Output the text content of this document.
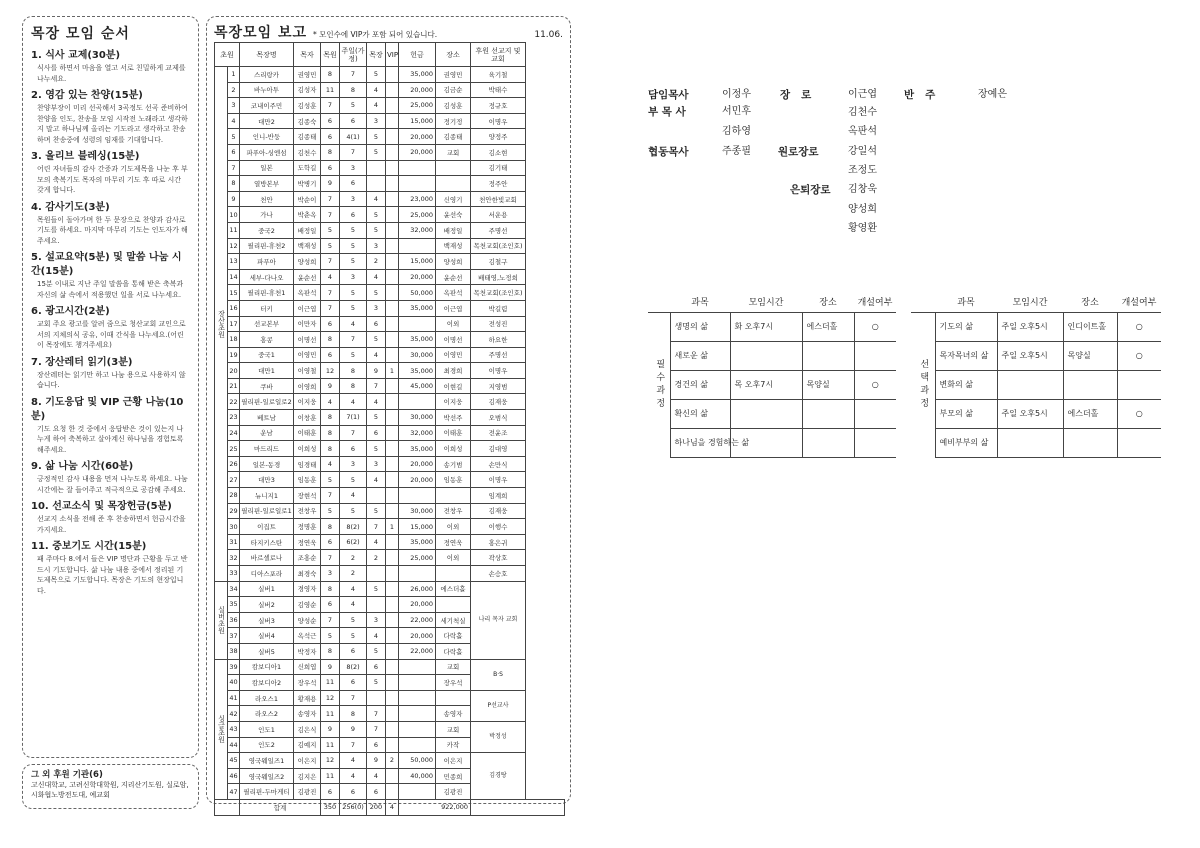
목장 모임 순서
1. 식사 교제(30분)
식사를 하면서 마음을 열고 서로 친밀하게 교제를 나누세요.
2. 영감 있는 찬양(15분)
찬양부장이 미리 선곡해서 3곡정도 선곡 준비하여 찬양을 인도, 찬송을 모임 시작전 노래라고 생각하지 말고 하나님께 올리는 기도라고 생각하고 찬송하며 찬송중에 성령의 임재를 기대합니다.
3. 올리브 블레싱(15분)
어린 자녀들의 감사 간증과 기도제목을 나눈 후 부모의 축복기도 목자의 마무리 기도 후 따로 시간 갖게 합니다.
4. 감사기도(3분)
목원들이 돌아가며 한 두 문장으로 찬양과 감사로 기도를 하세요. 마지막 마무리 기도는 인도자가 해주세요.
5. 설교요약(5분) 및 말씀 나눔 시간(15분)
15분 이내로 지난 주일 말씀을 통해 받은 축복과 자신의 삶 속에서 적용했던 일을 서로 나누세요.
6. 광고시간(2분)
교회 주요 광고를 알려 줌으로 청산교회 교인으로서의 지체의식 공유, 이때 간식을 나누세요.(어린이 목장에도 챙겨주세요)
7. 장산레터 읽기(3분)
장산레터는 읽기만 하고 나눔 용으로 사용하지 않습니다.
8. 기도응답 및 VIP 근황 나눔(10분)
기도 요청 한 것 중에서 응답받은 것이 있는지 나누게 하여 축복하고 살아계신 하나님을 경험토록 해주세요.
9. 삶 나눔 시간(60분)
긍정적인 감사 내용을 먼저 나누도록 하세요. 나눔 시간에는 잘 들어주고 적극적으로 공감해 주세요.
10. 선교소식 및 목장헌금(5분)
선교지 소식을 전해 준 후 찬송하면서 헌금시간을 가지세요.
11. 중보기도 시간(15분)
패 주마다 8.에서 들은 VIP 명단과 근황을 두고 반드시 기도합니다. 삶 나눔 내용 중에서 정리된 기도제목으로 기도합니다. 목장은 기도의 현장입니다.
그 외 후원 기관(6)
고신대학교, 고려신학대학원, 지리산기도원, 실로암, 시화협노방전도대, 예교회
목장모임 보고 * 모인수에 VIP가 포함 되어 있습니다.	11.06.
초원		목장명	목자	목원	주일(가정)	목장	VIP	헌금	장소	후원 선교지 및 교회
장산초원	1	스리랑카	권영민	8	7	5		35,000	권영민	육기철
	2	바누아투	김성자	11	8	4		20,000	김금순	박태수
	3	코내이주민	김성훈	7	5	4		25,000	김성훈	정규호
	4	대만2	김종숙	6	6	3		15,000	정기정	이명우
	5	인니-반둥	김종태	6	4(1)	5		20,000	김종태	양정주
	6	파푸아-싱엔섬	김천수	8	7	5		20,000	교회	김소현
	7	일본	도학길	6	3					김기태
	8	열방본부	박병기	9	6					정주안
	9	천안	박순이	7	3	4		23,000	신영기	천안한빛교회
	10	가나	박춘옥	7	6	5		25,000	윤선숙	서운용
	11	중국2	배정일	5	5	5		32,000	배정일	주명선
	12	필리핀-휴천2	백재성	5	5	3			백재성	목천교회(조인호)
	13	파푸아	양성희	7	5	2		15,000	양성희	김철구
	14	세부-다나오	윤순선	4	3	4		20,000	윤순선	배태영,노정희
	15	필리핀-휴천1	옥판석	7	5	5		50,000	옥판석	목천교회(조인호)
	16	터키	이근엽	7	5	3		35,000	이근엽	박길렴
	17	선교본부	이만자	6	4	6			이외	전성진
	18	홍콩	이명선	8	7	5		35,000	이명선	하요한
	19	중국1	이영민	6	5	4		30,000	이영민	주명선
	20	대만1	이영철	12	8	9	1	35,000	최경희	이명우
	21	쿠바	이영희	9	8	7		45,000	이현길	지영범
	22	필리핀-일로일로2	이지웅	4	4	4			이지웅	김재웅
	23	베트남	이창훈	8	7(1)	5		30,000	박선주	오범식
	24	운남	이태훈	8	7	6		32,000	이태훈	전윤조
	25	마드리드	이희성	8	6	5		35,000	이희성	김대영
	26	일본-동경	임경태	4	3	3		20,000	송기범	손만식
	27	대만3	임동훈	5	5	4		20,000	임동훈	이명우
	28	뉴니지1	장현석	7	4					임계희
	29	필리핀-일로일로1	전창우	5	5	5		30,000	전창우	김재웅
	30	이집트	정명훈	8	8(2)	7	1	15,000	이외	이행수
	31	타지키스탄	정연욱	6	6(2)	4		35,000	정연욱	홍은귀
	32	바르셀로나	조홍순	7	2	2		25,000	이외	곽상호
	33	디아스포라	최경숙	3	2					손승호
실버초원	34	실버1	경영자	8	4	5		26,000	에스더홀	나리 목자 교회
	35	실버2	김영순	6	4			20,000		
	36	실버3	양성순	7	5	3		22,000	세기척실	
	37	실버4	옥석근	5	5	4		20,000	다락홀	
	38	실버5	박정자	8	6	5		22,000	다락홀	
싱글초원	39	캄보디아1	신희엽	9	8(2)	6			교회	B·S
	40	캄보디아2	장우석	11	6	5			장우석	
	41	라오스1	황재용	12	7					P선교사
	42	라오스2	송영자	11	8	7			송영자	
	43	인도1	김은식	9	9	7			교회	박정성
	44	인도2	김예지	11	7	6			카작	
	45	영국웨일즈1	이은지	12	4	9	2	50,000	이은지	김경탕
	46	영국웨일즈2	김지은	11	4	4		40,000	민종희	
	47	필리핀-두마게티	김광진	6	6	6			김광진	
		합계		350	256(0)	200	4	922,000		
담임목사	이정우
부 목 사	서민후
김하영
협동목사	주종필
장   로	이근엽
김천수
옥판석
원로장로	강일석
조정도
은퇴장로 김창욱
양성희
황영환
반   주	장예은
	과목	모임시간	장소	개설여부
필수과정	생명의 삶	화 오후7시	에스더홀	○
	새로운 삶			
	경건의 삶	목 오후7시	목양실	○
	확신의 삶			
	하나님을 경험하는 삶			
	과목	모임시간	장소	개설여부
선택과정	기도의 삶	주일 오후5시	인디이트홀	○
	목자목녀의 삶	주일 오후5시	목양실	○
	변화의 삶			
	부모의 삶	주일 오후5시	에스더홀	○
	예비부부의 삶			
